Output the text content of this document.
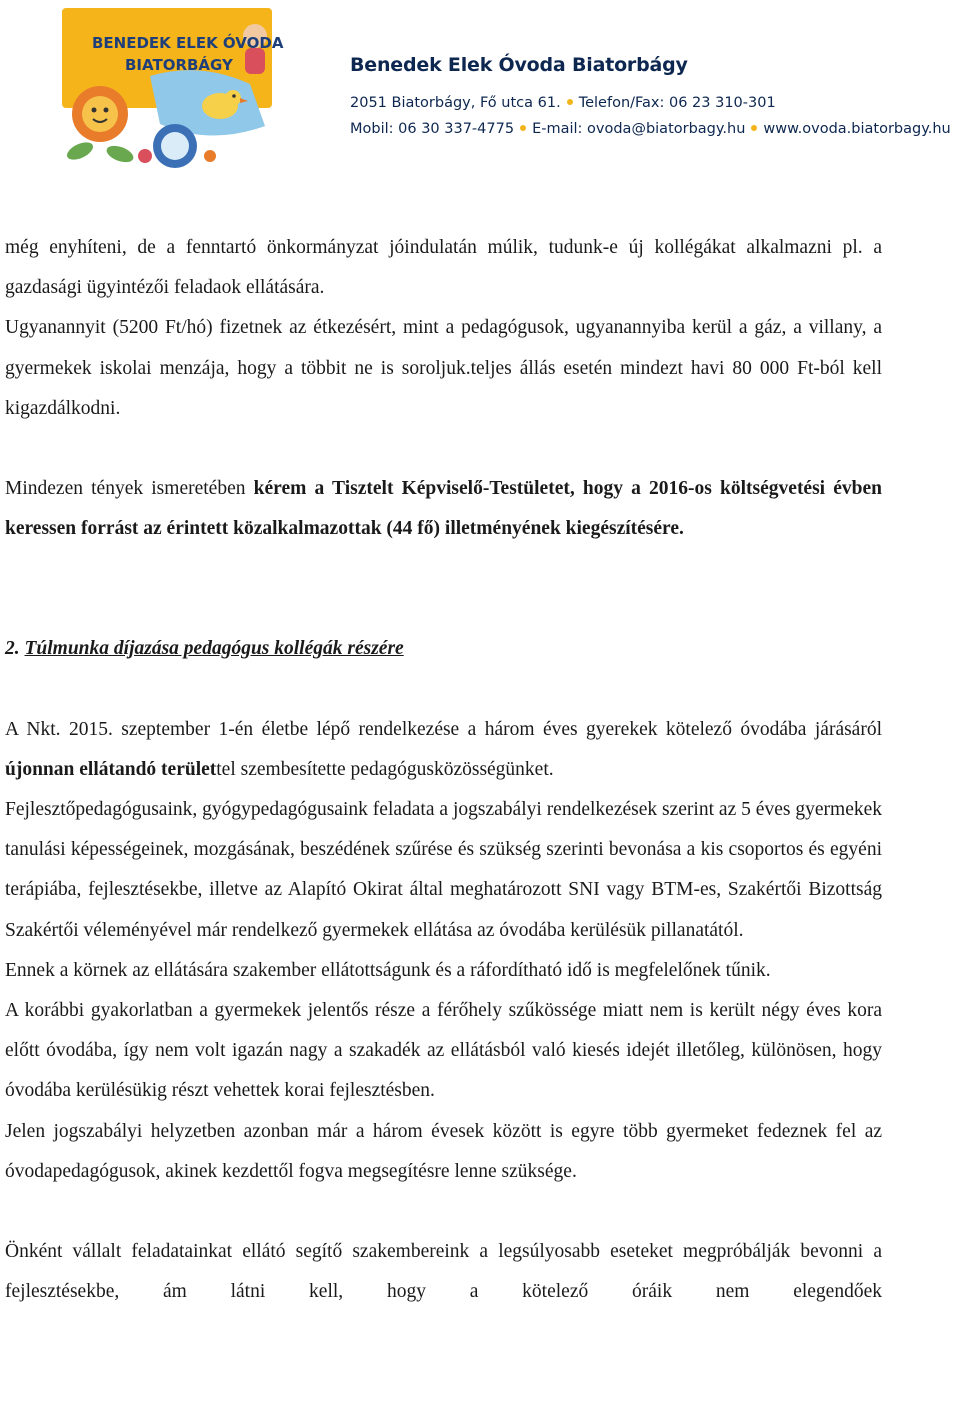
BENEDEK ELEK ÓVODA
BIATORBÁGY	Benedek Elek Óvoda Biatorbágy
2051 Biatorbágy, Fő utca 61. Telefon/Fax: 06 23 310-301
Mobil: 06 30 337-4775 E-mail: ovoda@biatorbagy.hu www.ovoda.biatorbagy.hu

még enyhíteni, de a fenntartó önkormányzat jóindulatán múlik, tudunk-e új kollégákat alkalmazni pl. a gazdasági ügyintézői feladaok ellátására.

Ugyanannyit (5200 Ft/hó) fizetnek az étkezésért, mint a pedagógusok, ugyanannyiba kerül a gáz, a villany, a gyermekek iskolai menzája, hogy a többit ne is soroljuk.teljes állás esetén mindezt havi 80 000 Ft-ból kell kigazdálkodni.

Mindezen tények ismeretében kérem a Tisztelt Képviselő-Testületet, hogy a 2016-os költségvetési évben keressen forrást az érintett közalkalmazottak (44 fő) illetményének kiegészítésére.

2. Túlmunka díjazása pedagógus kollégák részére

A Nkt. 2015. szeptember 1-én életbe lépő rendelkezése a három éves gyerekek kötelező óvodába járásáról újonnan ellátandó területtel szembesítette pedagógusközösségünket.

Fejlesztőpedagógusaink, gyógypedagógusaink feladata a jogszabályi rendelkezések szerint az 5 éves gyermekek tanulási képességeinek, mozgásának, beszédének szűrése és szükség szerinti bevonása a kis csoportos és egyéni terápiába, fejlesztésekbe, illetve az Alapító Okirat által meghatározott SNI vagy BTM-es, Szakértői Bizottság Szakértői véleményével már rendelkező gyermekek ellátása az óvodába kerülésük pillanatától.

Ennek a körnek az ellátására szakember ellátottságunk és a ráfordítható idő is megfelelőnek tűnik.

A korábbi gyakorlatban a gyermekek jelentős része a férőhely szűkössége miatt nem is került négy éves kora előtt óvodába, így nem volt igazán nagy a szakadék az ellátásból való kiesés idejét illetőleg, különösen, hogy óvodába kerülésükig részt vehettek korai fejlesztésben.

Jelen jogszabályi helyzetben azonban már a három évesek között is egyre több gyermeket fedeznek fel az óvodapedagógusok, akinek kezdettől fogva megsegítésre lenne szüksége.

Önként vállalt feladatainkat ellátó segítő szakembereink a legsúlyosabb eseteket megpróbálják bevonni a fejlesztésekbe, ám látni kell, hogy a kötelező óráik nem elegendőek
